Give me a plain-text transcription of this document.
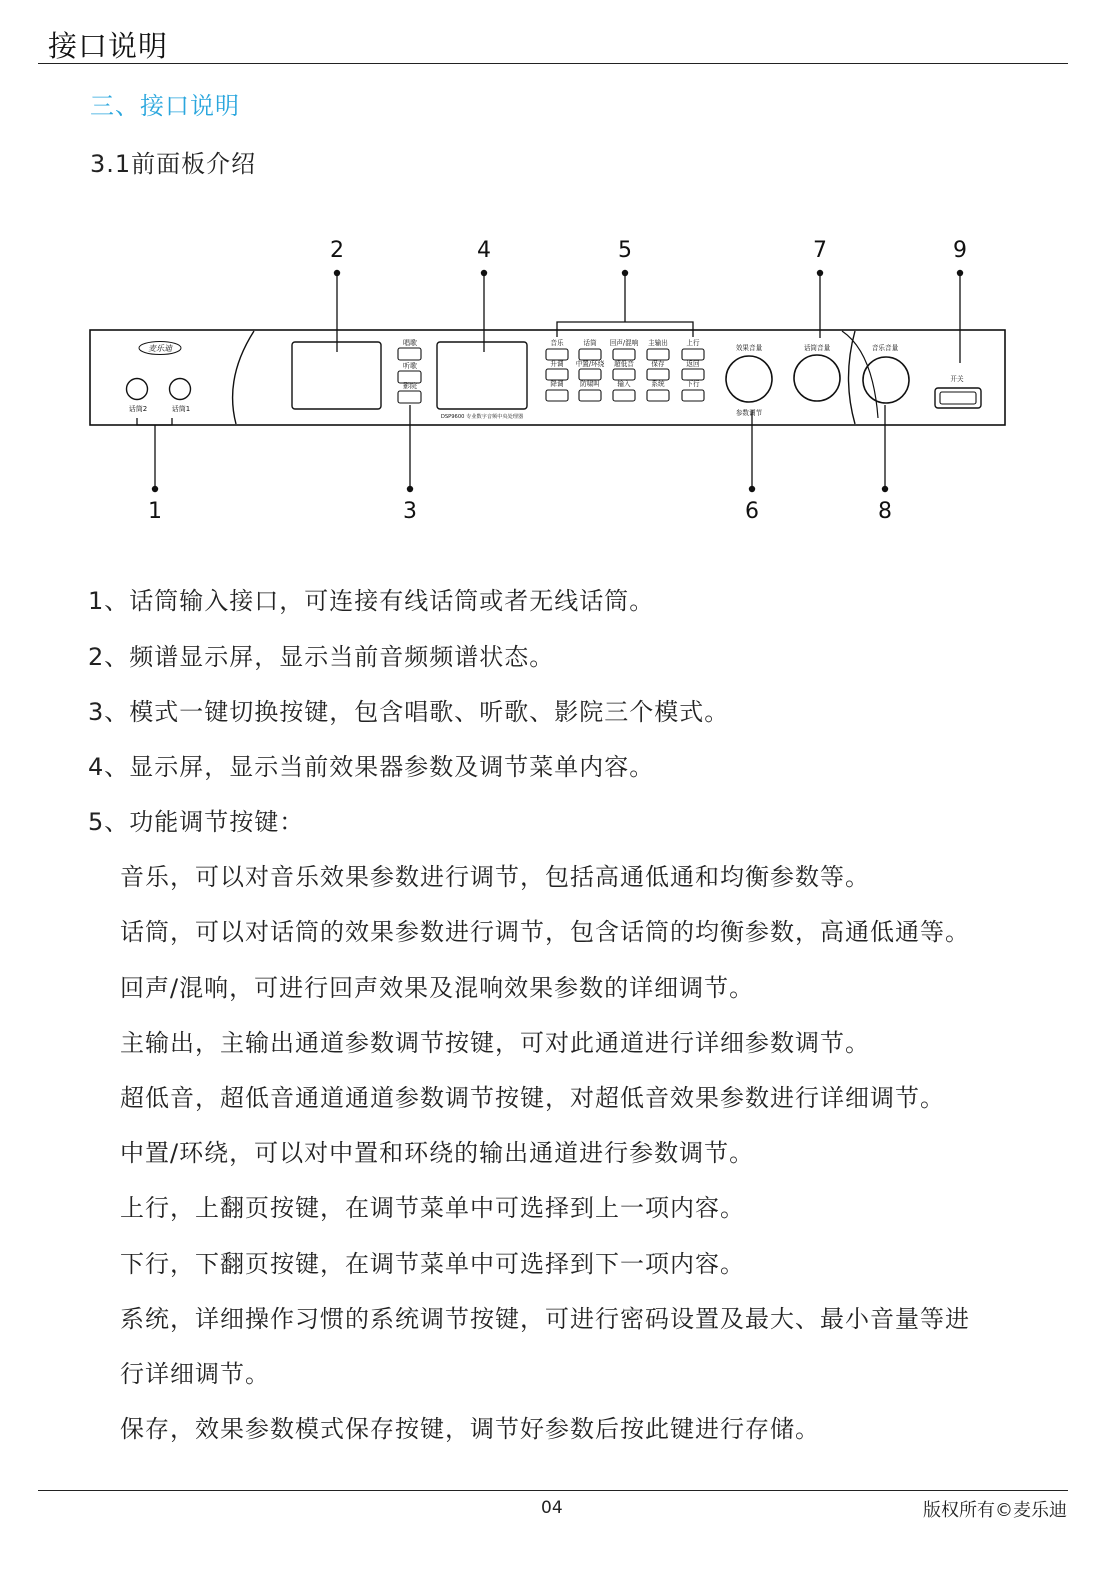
接口说明
三、接口说明
3.1前面板介绍
1
2
3
4	5
6
7
8
9
麦乐迪
话筒2	话筒1
DSP9600 专业数字音频中央处理器
唱歌
听歌
影院
音乐	话筒 回声/混响 主输出	上行
升调 中置/环绕 超低音	保存	返回
降调	防啸叫	输入	系统	下行
效果音量
参数调节
话筒音量	音乐音量
开关
1、话筒输入接口，可连接有线话筒或者无线话筒。
2、频谱显示屏，显示当前音频频谱状态。
3、模式一键切换按键，包含唱歌、听歌、影院三个模式。
4、显示屏，显示当前效果器参数及调节菜单内容。
5、功能调节按键：
音乐，可以对音乐效果参数进行调节，包括高通低通和均衡参数等。
话筒，可以对话筒的效果参数进行调节，包含话筒的均衡参数，高通低通等。
回声/混响，可进行回声效果及混响效果参数的详细调节。
主输出，主输出通道参数调节按键，可对此通道进行详细参数调节。
超低音，超低音通道通道参数调节按键，对超低音效果参数进行详细调节。
中置/环绕，可以对中置和环绕的输出通道进行参数调节。
上行，上翻页按键，在调节菜单中可选择到上一项内容。
下行，下翻页按键，在调节菜单中可选择到下一项内容。
系统，详细操作习惯的系统调节按键，可进行密码设置及最大、最小音量等进
行详细调节。
保存，效果参数模式保存按键，调节好参数后按此键进行存储。
04	版权所有©麦乐迪
